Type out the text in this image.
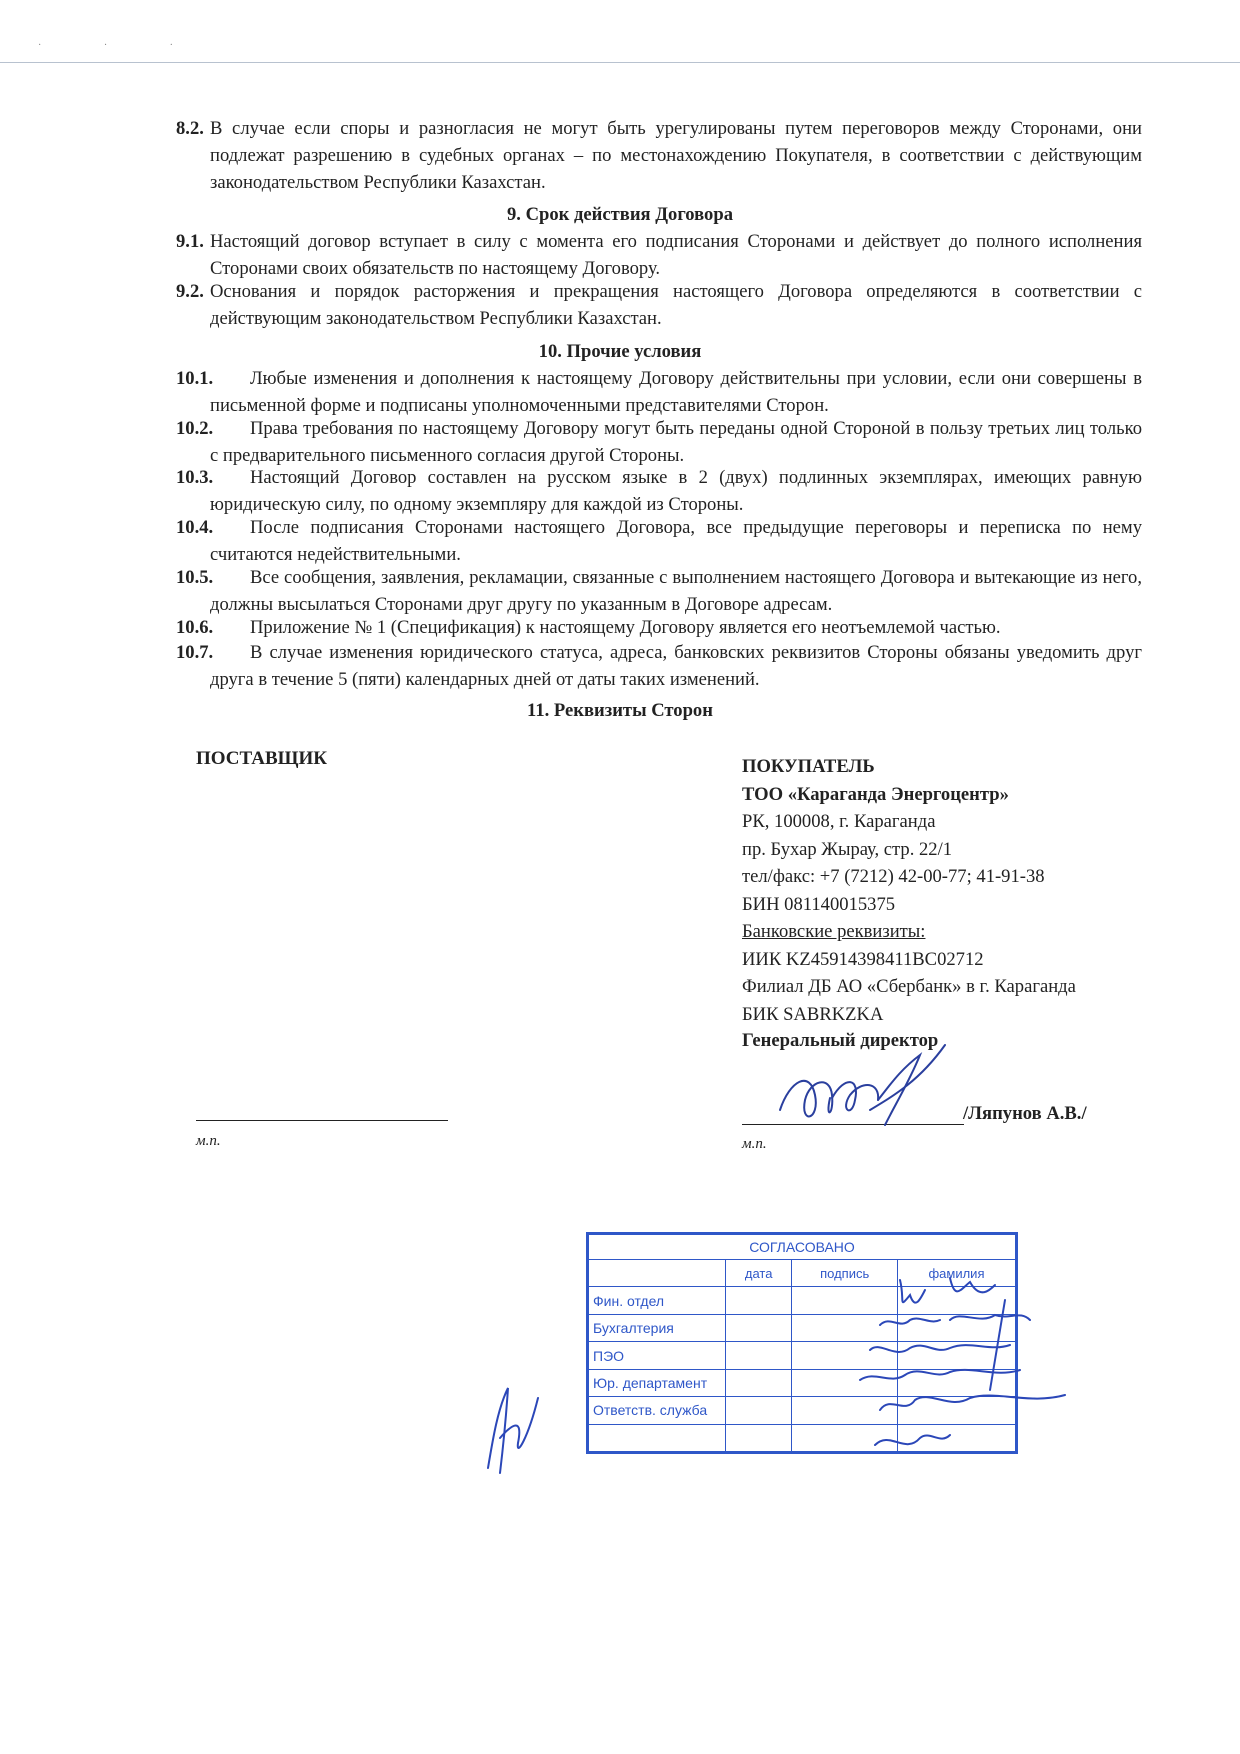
· · ·
8.2. В случае если споры и разногласия не могут быть урегулированы путем переговоров между Сторонами, они подлежат разрешению в судебных органах – по местонахождению Покупателя, в соответствии с действующим законодательством Республики Казахстан.
9. Срок действия Договора
9.1. Настоящий договор вступает в силу с момента его подписания Сторонами и действует до полного исполнения Сторонами своих обязательств по настоящему Договору.
9.2. Основания и порядок расторжения и прекращения настоящего Договора определяются в соответствии с действующим законодательством Республики Казахстан.
10. Прочие условия
10.1.	Любые изменения и дополнения к настоящему Договору действительны при условии, если они совершены в письменной форме и подписаны уполномоченными представителями Сторон.
10.2.	Права требования по настоящему Договору могут быть переданы одной Стороной в пользу третьих лиц только с предварительного письменного согласия другой Стороны.
10.3.	Настоящий Договор составлен на русском языке в 2 (двух) подлинных экземплярах, имеющих равную юридическую силу, по одному экземпляру для каждой из Стороны.
10.4.	После подписания Сторонами настоящего Договора, все предыдущие переговоры и переписка по нему считаются недействительными.
10.5.	Все сообщения, заявления, рекламации, связанные с выполнением настоящего Договора и вытекающие из него, должны высылаться Сторонами друг другу по указанным в Договоре адресам.
10.6.	Приложение № 1 (Спецификация) к настоящему Договору является его неотъемлемой частью.
10.7.	В случае изменения юридического статуса, адреса, банковских реквизитов Стороны обязаны уведомить друг друга в течение 5 (пяти) календарных дней от даты таких изменений.
11. Реквизиты Сторон
ПОСТАВЩИК	ПОКУПАТЕЛЬ
ТОО «Караганда Энергоцентр»
РК, 100008, г. Караганда
пр. Бухар Жырау, стр. 22/1
тел/факс: +7 (7212) 42-00-77; 41-91-38
БИН 081140015375
Банковские реквизиты:
ИИК KZ45914398411BC02712
Филиал ДБ АО «Сбербанк» в г. Караганда
БИК SABRKZKA
Генеральный директор
м.п.
/Ляпунов А.В./
м.п.
СОГЛАСОВАНО			
	дата	подпись	фамилия
Фин. отдел			
Бухгалтерия			
ПЭО			
Юр. департамент			
Ответств. служба			
